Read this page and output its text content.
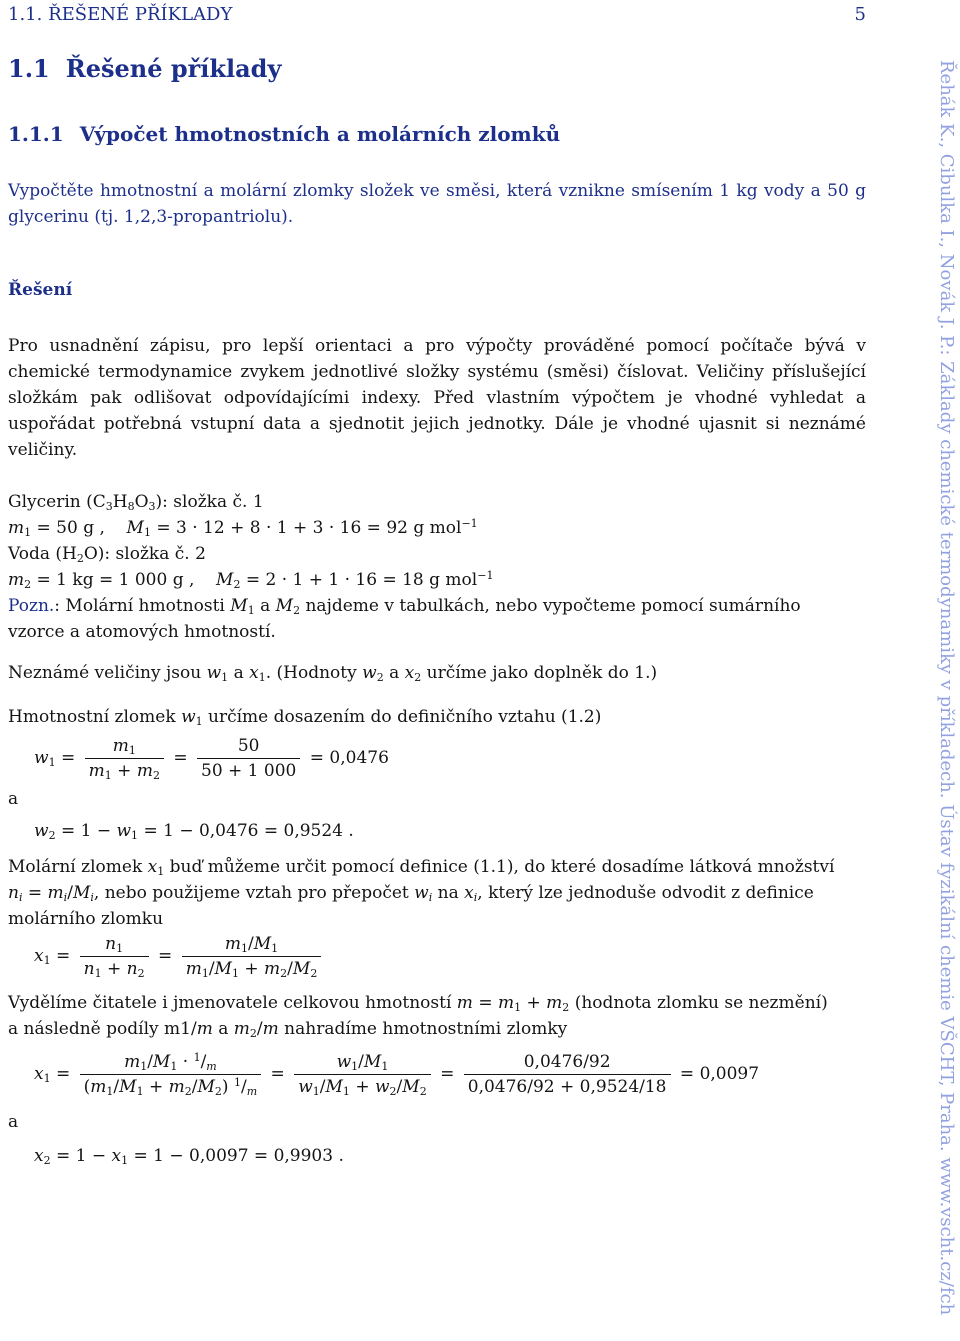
1.1. ŘEŠENÉ PŘÍKLADY	5
1.1 Řešené příklady
1.1.1 Výpočet hmotnostních a molárních zlomků
Vypočtěte hmotnostní a molární zlomky složek ve směsi, která vznikne smísením 1 kg vody a 50 g glycerinu (tj. 1,2,3-propantriolu).
Řešení
Pro usnadnění zápisu, pro lepší orientaci a pro výpočty prováděné pomocí počítače bývá v chemické termodynamice zvykem jednotlivé složky systému (směsi) číslovat. Veličiny příslušející složkám pak odlišovat odpovídajícími indexy. Před vlastním výpočtem je vhodné vyhledat a uspořádat potřebná vstupní data a sjednotit jejich jednotky. Dále je vhodné ujasnit si neznámé veličiny.
Glycerin $(C_3H_8O_3)$: složka č. 1
$m_1 = 50$ g , $M_1 = 3 \cdot 12 + 8 \cdot 1 + 3 \cdot 16 = 92$ g mol$^{-1}$
Voda $(H_2O)$: složka č. 2
$m_2 = 1$ kg = 1 000 g , $M_2 = 2 \cdot 1 + 1 \cdot 16 = 18$ g mol$^{-1}$
Pozn.: Molární hmotnosti $M_1$ a $M_2$ najdeme v tabulkách, nebo vypočteme pomocí sumárního
vzorce a atomových hmotností.
Neznámé veličiny jsou $w_1$ a $x_1$. (Hodnoty $w_2$ a $x_2$ určíme jako doplněk do 1.)
Hmotnostní zlomek $w_1$ určíme dosazením do definičního vztahu (1.2)
$w_1 = \frac{m_1}{m_1 + m_2} = \frac{50}{50 + 1 000} = 0,0476$
a
$w_2 = 1 - w_1 = 1 - 0,0476 = 0,9524$ .
Molární zlomek $x_1$ buď můžeme určit pomocí definice (1.1), do které dosadíme látková množství
$n_i = m_i/M_i$, nebo použijeme vztah pro přepočet $w_i$ na $x_i$, který lze jednoduše odvodit z definice
molárního zlomku
$x_1 = \frac{n_1}{n_1 + n_2} = \frac{m_1/M_1}{m_1/M_1 + m_2/M_2}$
Vydělíme čitatele i jmenovatele celkovou hmotností $m = m_1 + m_2$ (hodnota zlomku se nezmění)
a následně podíly m1/m a $m_2/m$ nahradíme hmotnostními zlomky
$x_1 = \frac{m_1/M_1 \cdot ^1/_m}{(m_1/M_1 + m_2/M_2) ^1/_m} = \frac{w_1/M_1}{w_1/M_1 + w_2/M_2} = \frac{0,0476/92}{0,0476/92 + 0,9524/18} = 0,0097$
a
$x_2 = 1 - x_1 = 1 - 0,0097 = 0,9903$ .	Řehák K., Cibulka I., Novák J. P.: Základy chemické termodynamiky v příkladech. Ústav fyzikální chemie VŠCHT, Praha. www.vscht.cz/fch
